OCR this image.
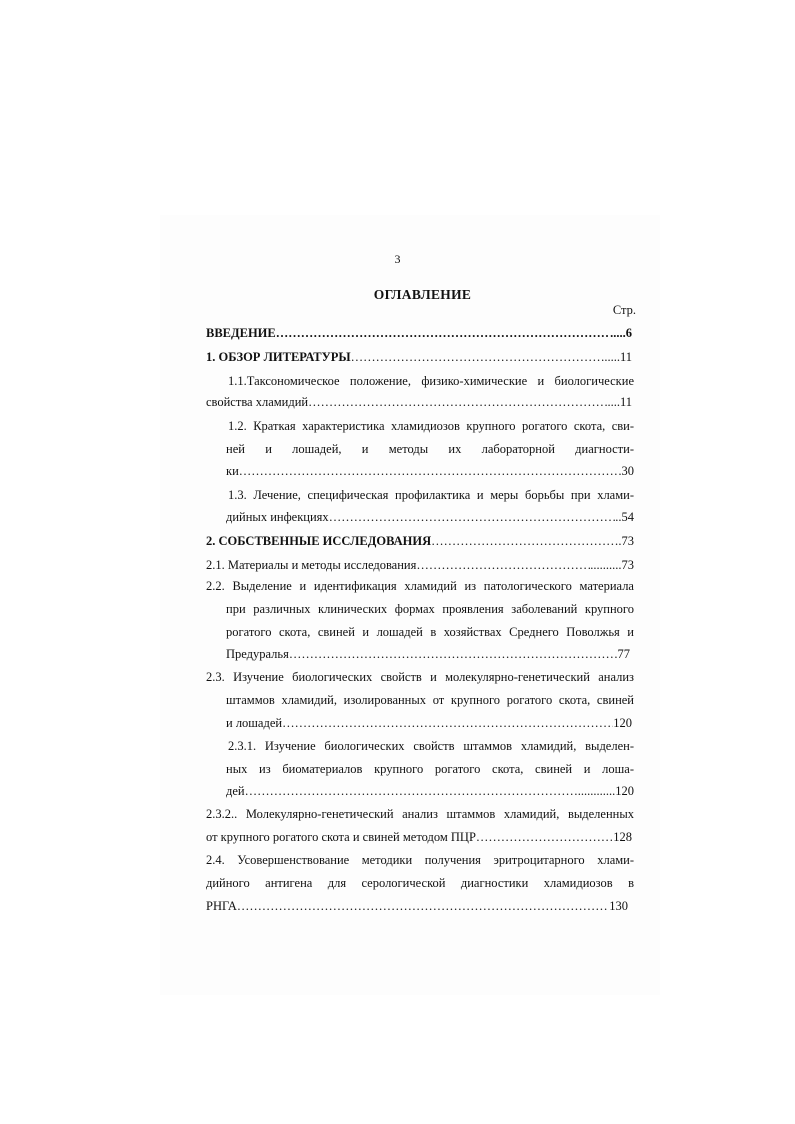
3
ОГЛАВЛЕНИЕ
Стр.
ВВЕДЕНИЕ… ……………………………………………………………………………………………………………………………………………………………	.....6
1. ОБЗОР ЛИТЕРАТУРЫ ……………………………………………………………………………………………………………………………………………………………	.....11
1.1.Таксономическое положение, физико-химические и биологические
свойства хламидий ……………………………………………………………………………………………………………………………………………………………	....11
1.2. Краткая характеристика хламидиозов крупного рогатого скота, сви-
ней и лошадей, и методы их лабораторной диагности-
ки ……………………………………………………………………………………………………………………………………………………………	30
1.3. Лечение, специфическая профилактика и меры борьбы при хлами-
дийных инфекциях ……………………………………………………………………………………………………………………………………………………………	..54
2. СОБСТВЕННЫЕ ИССЛЕДОВАНИЯ ……………………………………………………………………………………………………………………………………………………………	.73
2.1. Материалы и методы исследования ……………………………………………………………………………………………………………………………………………………………	..........73
2.2. Выделение и идентификация хламидий из патологического материала
при различных клинических формах проявления заболеваний крупного
рогатого скота, свиней и лошадей в хозяйствах Среднего Поволжья и
Предуралья ……………………………………………………………………………………………………………………………………………………………	.77
2.3. Изучение биологических свойств и молекулярно-генетический анализ
штаммов хламидий, изолированных от крупного рогатого скота, свиней
и лошадей ……………………………………………………………………………………………………………………………………………………………	120
2.3.1. Изучение биологических свойств штаммов хламидий, выделен-
ных из биоматериалов крупного рогатого скота, свиней и лоша-
дей ……………………………………………………………………………………………………………………………………………………………	............120
2.3.2.. Молекулярно-генетический анализ штаммов хламидий, выделенных
от крупного рогатого скота и свиней методом ПЦР ……………………………………………………………………………………………………………………………………………………………	128
2.4. Усовершенствование методики получения эритроцитарного хлами-
дийного антигена для серологической диагностики хламидиозов в
РНГА ……………………………………………………………………………………………………………………………………………………………	130
